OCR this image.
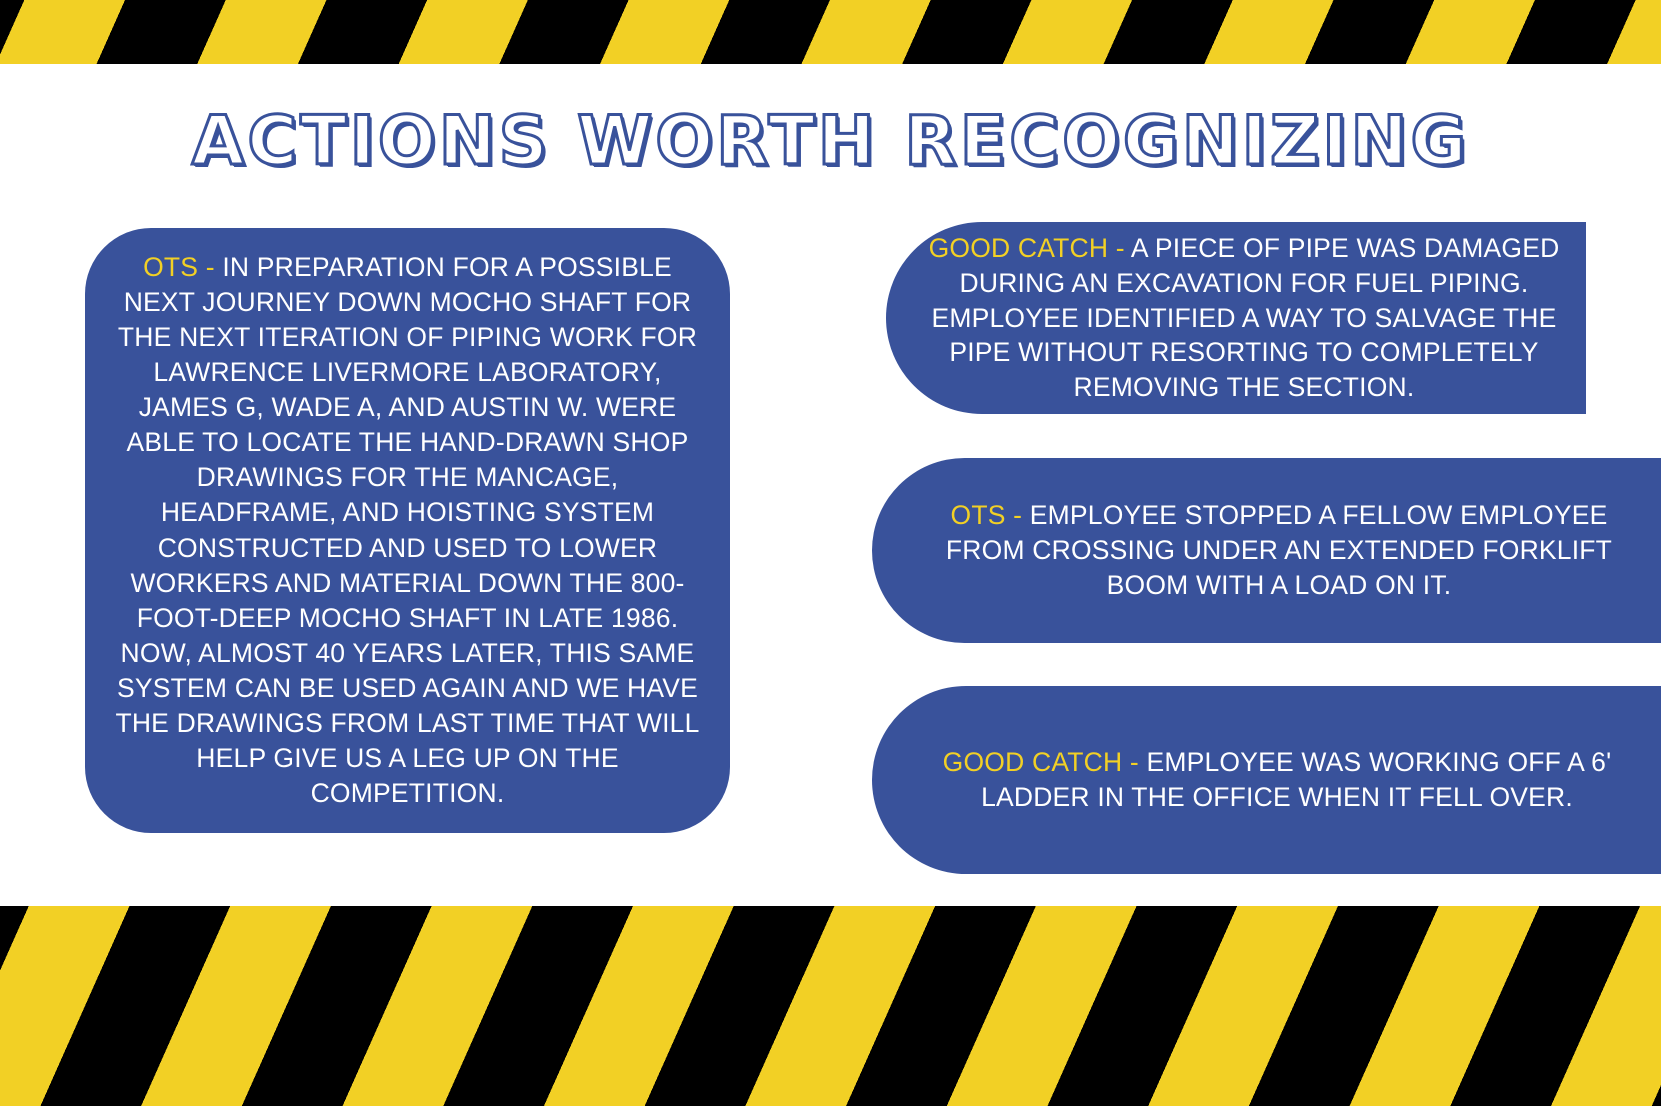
ACTIONS WORTH RECOGNIZING

OTS - IN PREPARATION FOR A POSSIBLE NEXT JOURNEY DOWN MOCHO SHAFT FOR THE NEXT ITERATION OF PIPING WORK FOR LAWRENCE LIVERMORE LABORATORY, JAMES G, WADE A, AND AUSTIN W. WERE ABLE TO LOCATE THE HAND-DRAWN SHOP DRAWINGS FOR THE MANCAGE, HEADFRAME, AND HOISTING SYSTEM CONSTRUCTED AND USED TO LOWER WORKERS AND MATERIAL DOWN THE 800-FOOT-DEEP MOCHO SHAFT IN LATE 1986. NOW, ALMOST 40 YEARS LATER, THIS SAME SYSTEM CAN BE USED AGAIN AND WE HAVE THE DRAWINGS FROM LAST TIME THAT WILL HELP GIVE US A LEG UP ON THE COMPETITION.

GOOD CATCH - A PIECE OF PIPE WAS DAMAGED DURING AN EXCAVATION FOR FUEL PIPING. EMPLOYEE IDENTIFIED A WAY TO SALVAGE THE PIPE WITHOUT RESORTING TO COMPLETELY REMOVING THE SECTION.

OTS - EMPLOYEE STOPPED A FELLOW EMPLOYEE FROM CROSSING UNDER AN EXTENDED FORKLIFT BOOM WITH A LOAD ON IT.

GOOD CATCH - EMPLOYEE WAS WORKING OFF A 6' LADDER IN THE OFFICE WHEN IT FELL OVER.
